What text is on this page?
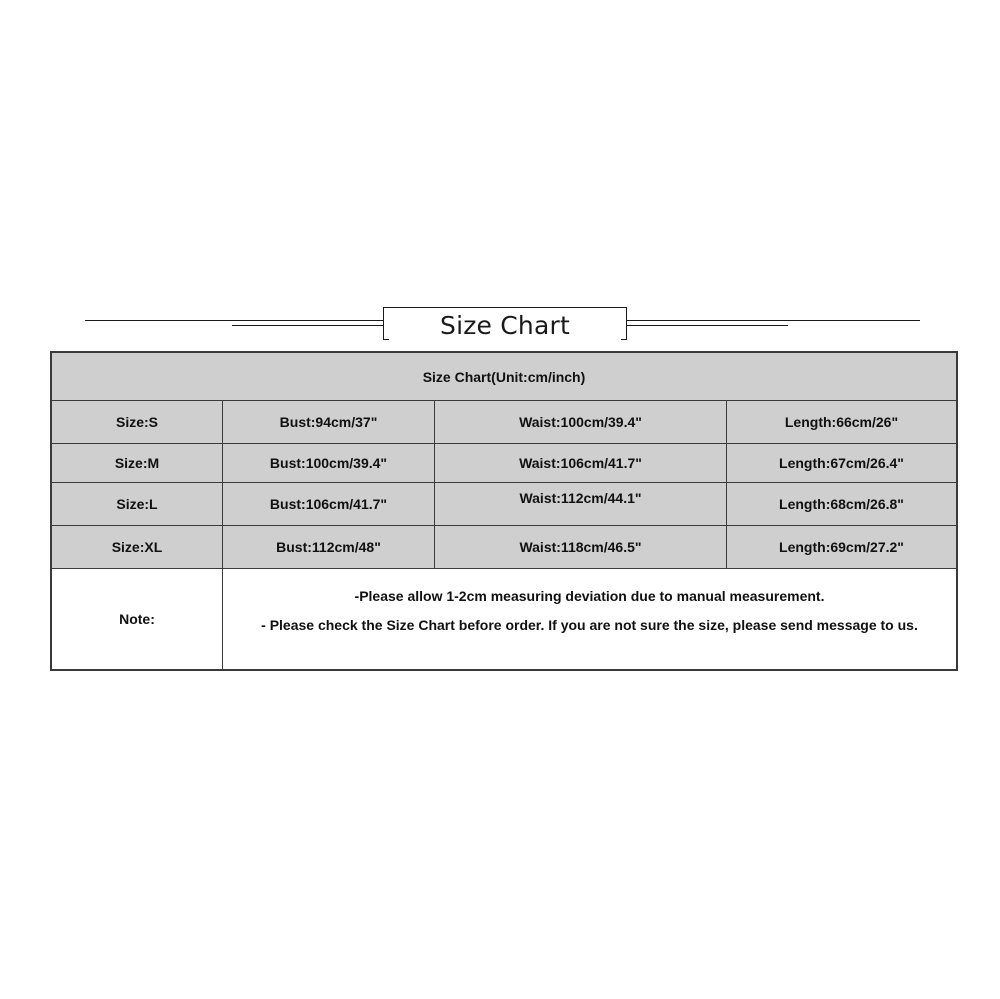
Size Chart
Size Chart(Unit:cm/inch)
Size:S	Bust:94cm/37"	Waist:100cm/39.4"	Length:66cm/26"
Size:M	Bust:100cm/39.4"	Waist:106cm/41.7"	Length:67cm/26.4"
Size:L	Bust:106cm/41.7"	Waist:112cm/44.1"	Length:68cm/26.8"
Size:XL	Bust:112cm/48"	Waist:118cm/46.5"	Length:69cm/27.2"
Note:
-Please allow 1-2cm measuring deviation due to manual measurement.
- Please check the Size Chart before order. If you are not sure the size, please send message to us.
